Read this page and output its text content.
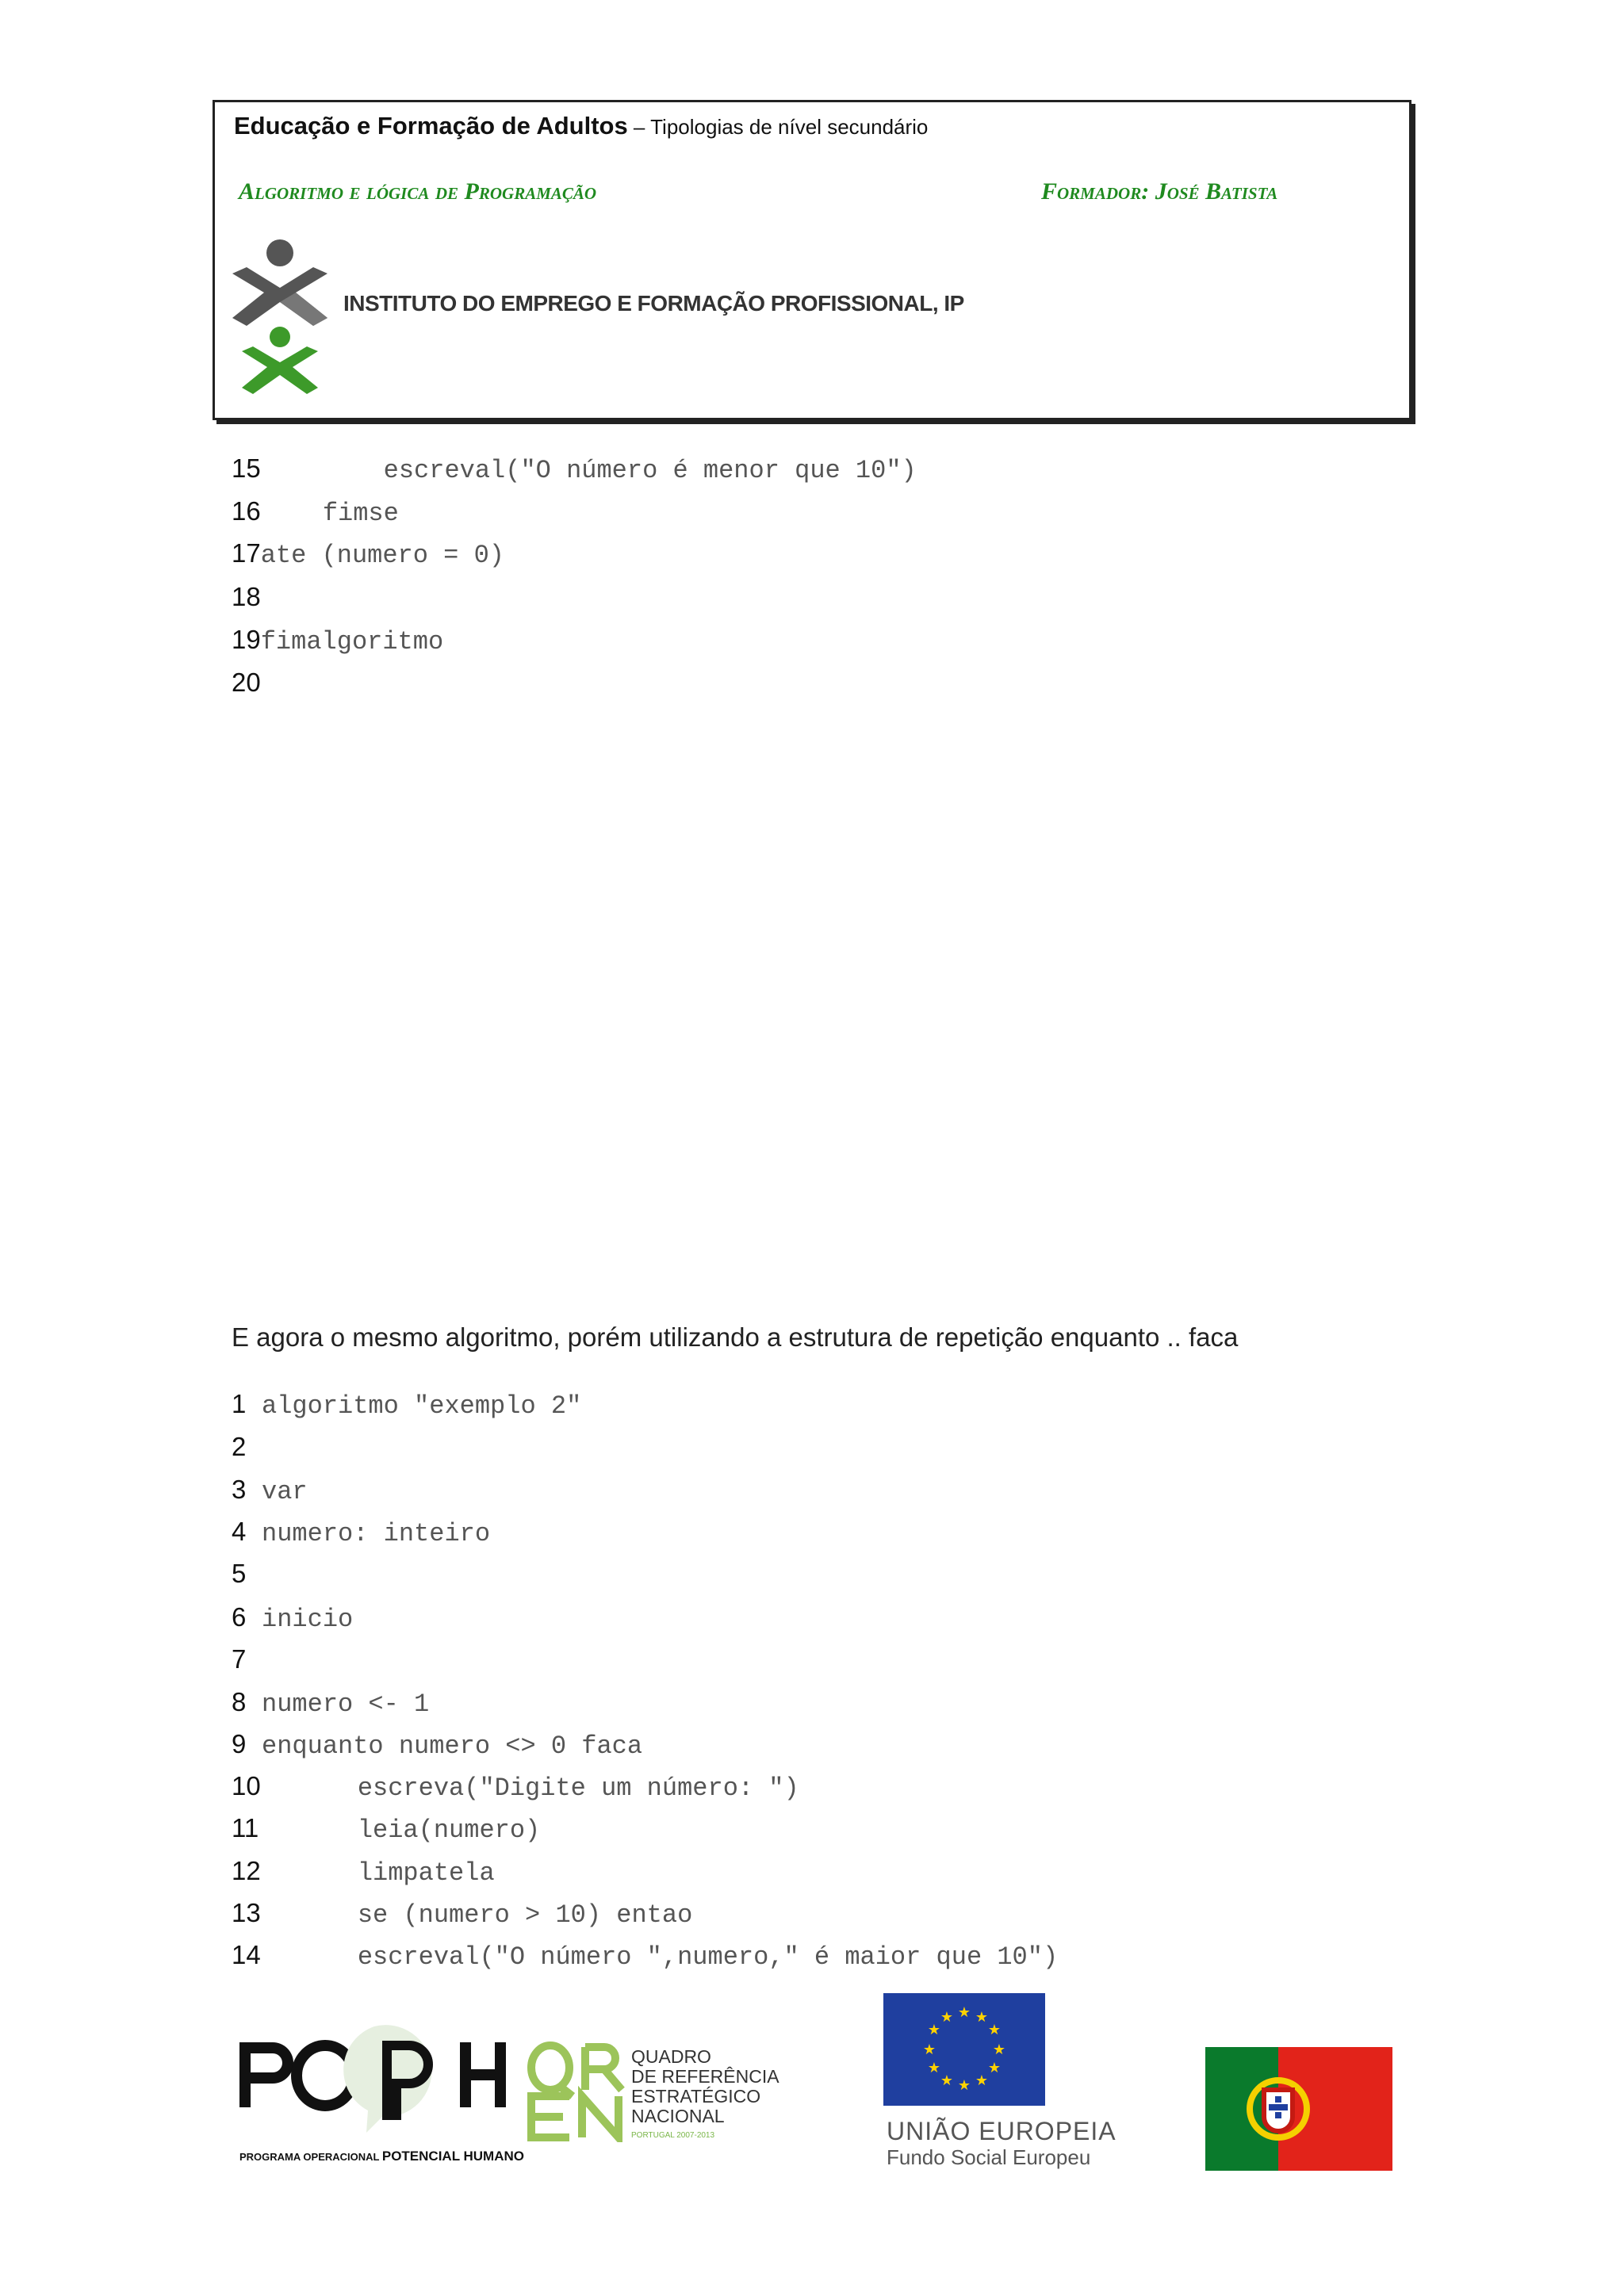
Educação e Formação de Adultos – Tipologias de nível secundário
Algoritmo e lógica de Programação	Formador: José Batista
INSTITUTO DO EMPREGO E FORMAÇÃO PROFISSIONAL, IP
15 escreval("O número é menor que 10")
16 fimse
17 ate (numero = 0)
18
19 fimalgoritmo
20
E agora o mesmo algoritmo, porém utilizando a estrutura de repetição enquanto .. faca
1 algoritmo "exemplo 2"
2
3 var
4 numero: inteiro
5
6 inicio
7
8 numero <- 1
9 enquanto numero <> 0 faca
10	escreva("Digite um número: ")
11	leia(numero)
12	limpatela
13	se (numero > 10) entao
14	escreval("O número ",numero," é maior que 10")
PROGRAMA OPERACIONAL POTENCIAL HUMANO
QUADRO
DE REFERÊNCIA
ESTRATÉGICO
NACIONAL
PORTUGAL 2007-2013
★ ★
★
★
★
★
★
★
★
★
★
★
UNIÃO EUROPEIA
Fundo Social Europeu
